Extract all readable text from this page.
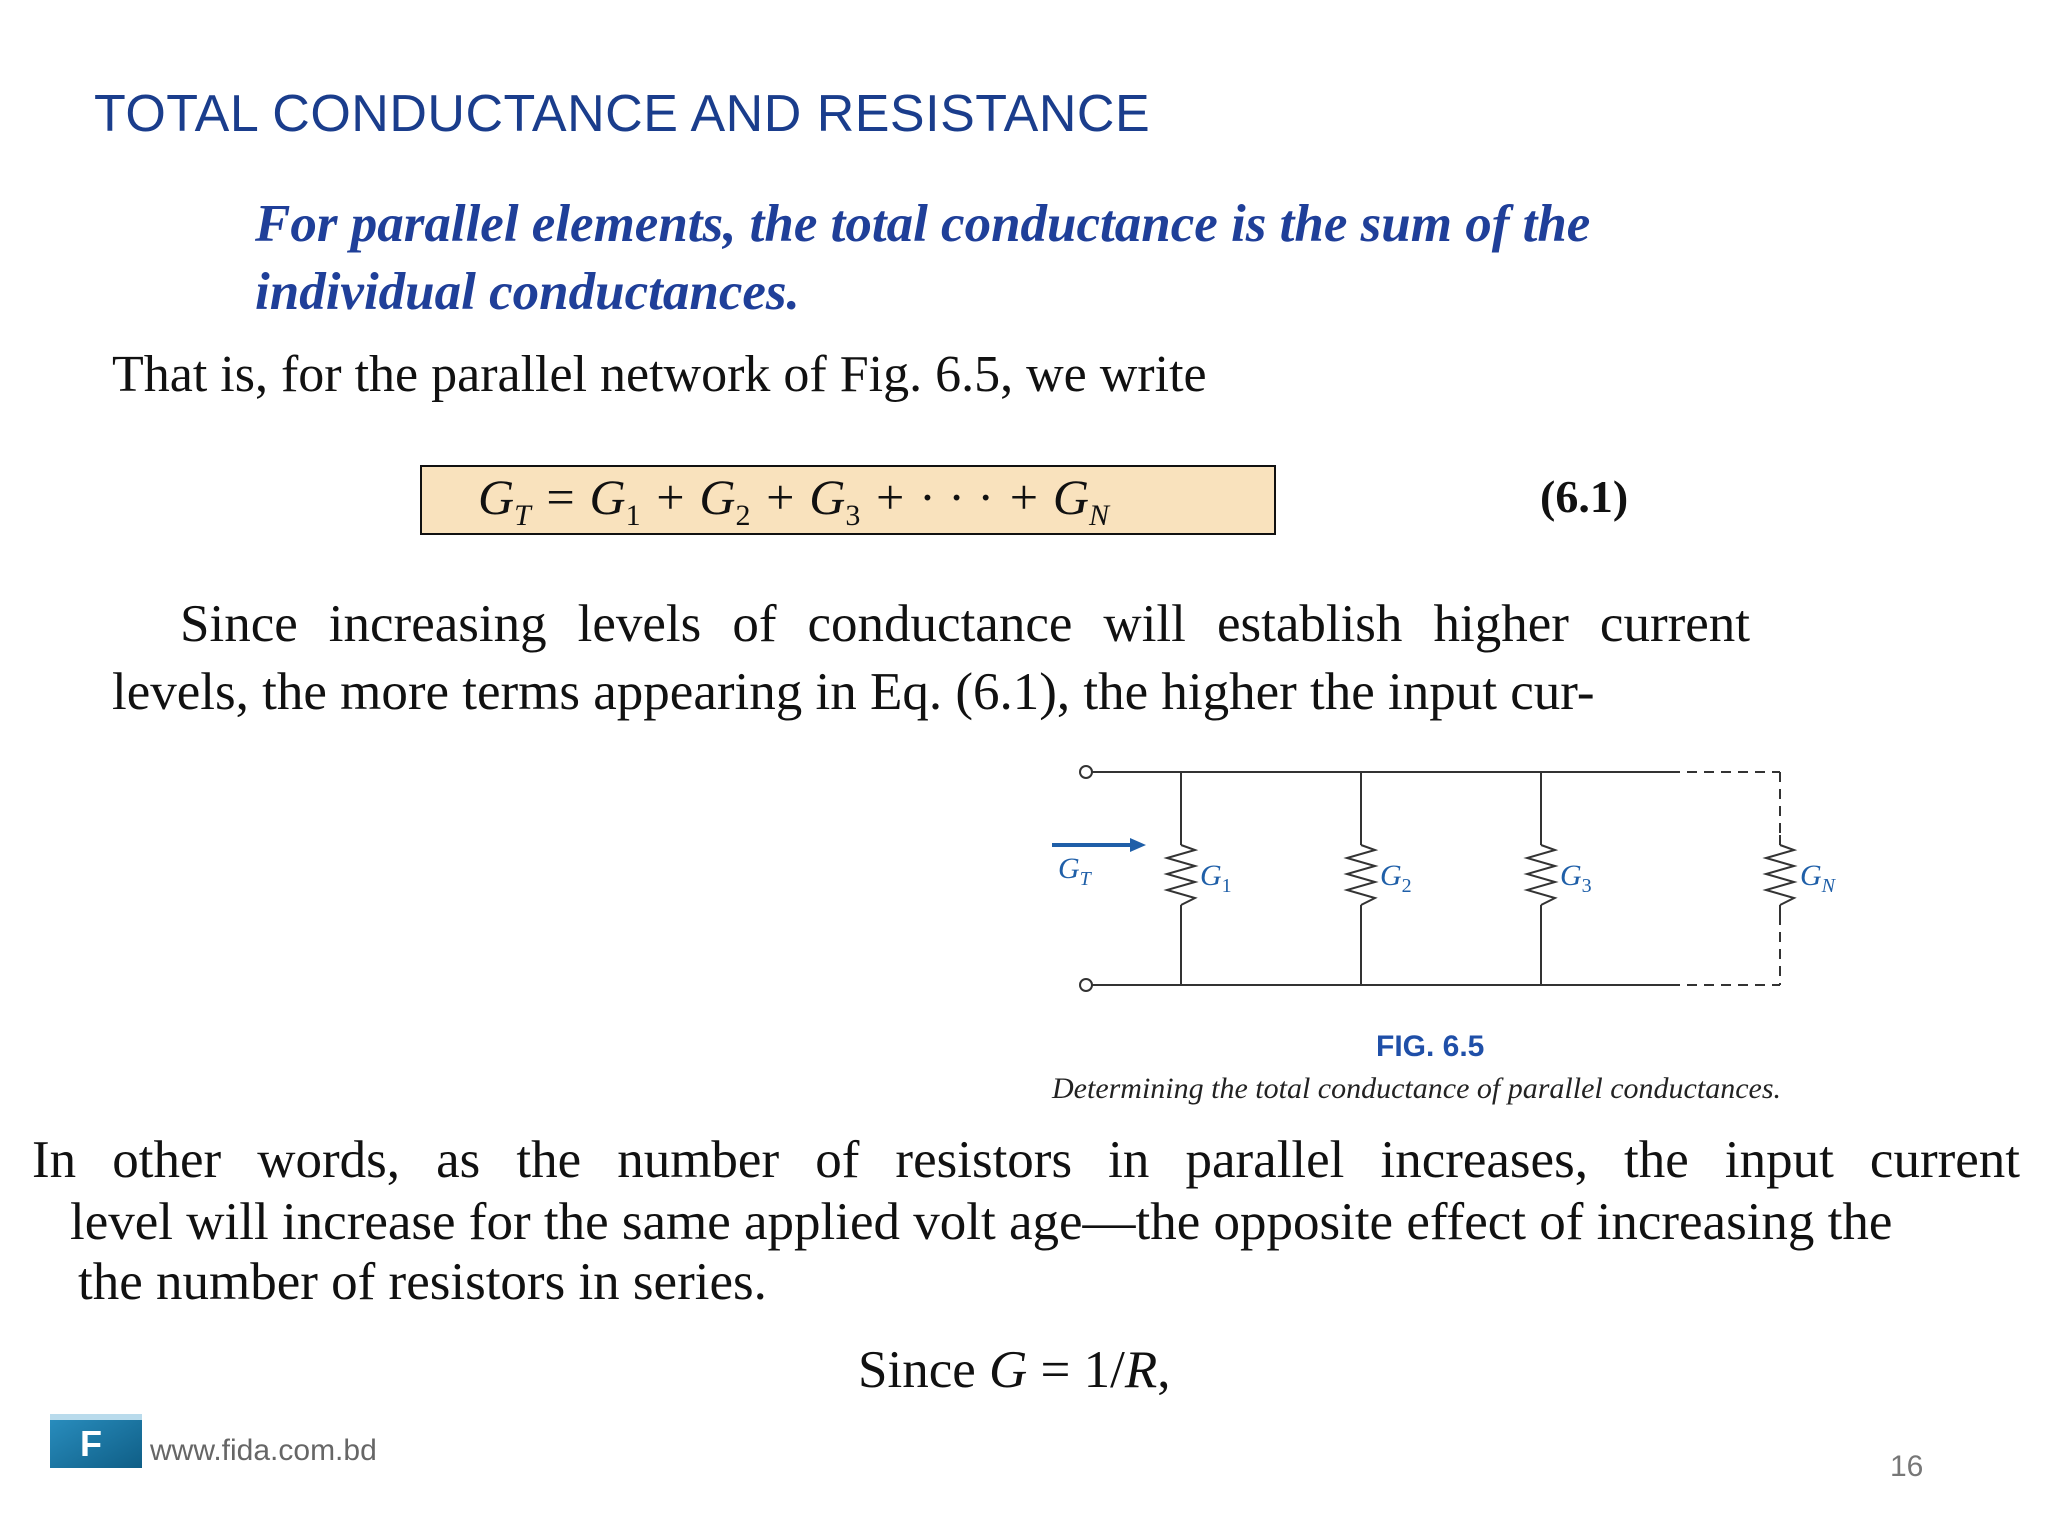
TOTAL CONDUCTANCE AND RESISTANCE
For parallel elements, the total conductance is the sum of the individual conductances.
That is, for the parallel network of Fig. 6.5, we write
$G_T = G_1 + G_2 + G_3$ + · · · + $G_N$	(6.1)
Since increasing levels of conductance will establish higher current levels, the more terms appearing in Eq. (6.1), the higher the input cur-
$G_T$	$G_1$	$G_2$	$G_3$	$G_N$
FIG. 6.5
Determining the total conductance of parallel conductances.
In other words, as the number of resistors in parallel increases, the input current
level will increase for the same applied volt age—the opposite effect of increasing the
the number of resistors in series.
Since G = 1/R,
F www.fida.com.bd	16
